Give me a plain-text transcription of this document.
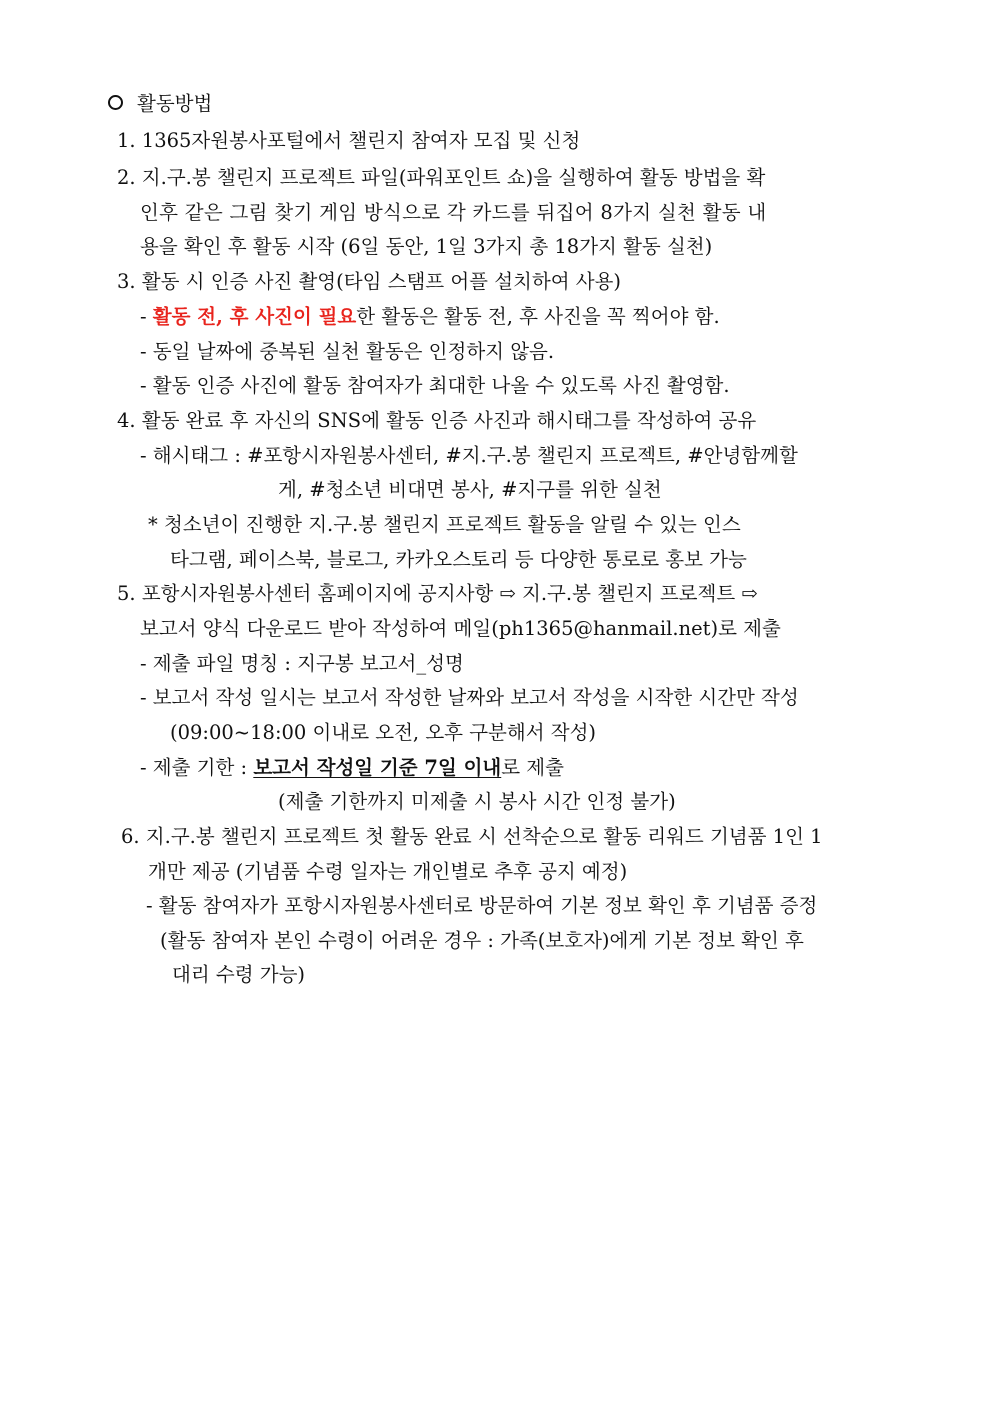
활동방법
1. 1365자원봉사포털에서 챌린지 참여자 모집 및 신청
2. 지.구.봉 챌린지 프로젝트 파일(파워포인트 쇼)을 실행하여 활동 방법을 확
인후 같은 그림 찾기 게임 방식으로 각 카드를 뒤집어 8가지 실천 활동 내
용을 확인 후 활동 시작 (6일 동안, 1일 3가지 총 18가지 활동 실천)
3. 활동 시 인증 사진 촬영(타임 스탬프 어플 설치하여 사용)
- 활동 전, 후 사진이 필요한 활동은 활동 전, 후 사진을 꼭 찍어야 함.
- 동일 날짜에 중복된 실천 활동은 인정하지 않음.
- 활동 인증 사진에 활동 참여자가 최대한 나올 수 있도록 사진 촬영함.
4. 활동 완료 후 자신의 SNS에 활동 인증 사진과 해시태그를 작성하여 공유
- 해시태그 : #포항시자원봉사센터, #지.구.봉 챌린지 프로젝트, #안녕함께할
게, #청소년 비대면 봉사, #지구를 위한 실천
* 청소년이 진행한 지.구.봉 챌린지 프로젝트 활동을 알릴 수 있는 인스
타그램, 페이스북, 블로그, 카카오스토리 등 다양한 통로로 홍보 가능
5. 포항시자원봉사센터 홈페이지에 공지사항 ⇨ 지.구.봉 챌린지 프로젝트 ⇨
보고서 양식 다운로드 받아 작성하여 메일(ph1365@hanmail.net)로 제출
- 제출 파일 명칭 : 지구봉 보고서_성명
- 보고서 작성 일시는 보고서 작성한 날짜와 보고서 작성을 시작한 시간만 작성
(09:00~18:00 이내로 오전, 오후 구분해서 작성)
- 제출 기한 : 보고서 작성일 기준 7일 이내로 제출
(제출 기한까지 미제출 시 봉사 시간 인정 불가)
6. 지.구.봉 챌린지 프로젝트 첫 활동 완료 시 선착순으로 활동 리워드 기념품 1인 1
개만 제공 (기념품 수령 일자는 개인별로 추후 공지 예정)
- 활동 참여자가 포항시자원봉사센터로 방문하여 기본 정보 확인 후 기념품 증정
(활동 참여자 본인 수령이 어려운 경우 : 가족(보호자)에게 기본 정보 확인 후
대리 수령 가능)
